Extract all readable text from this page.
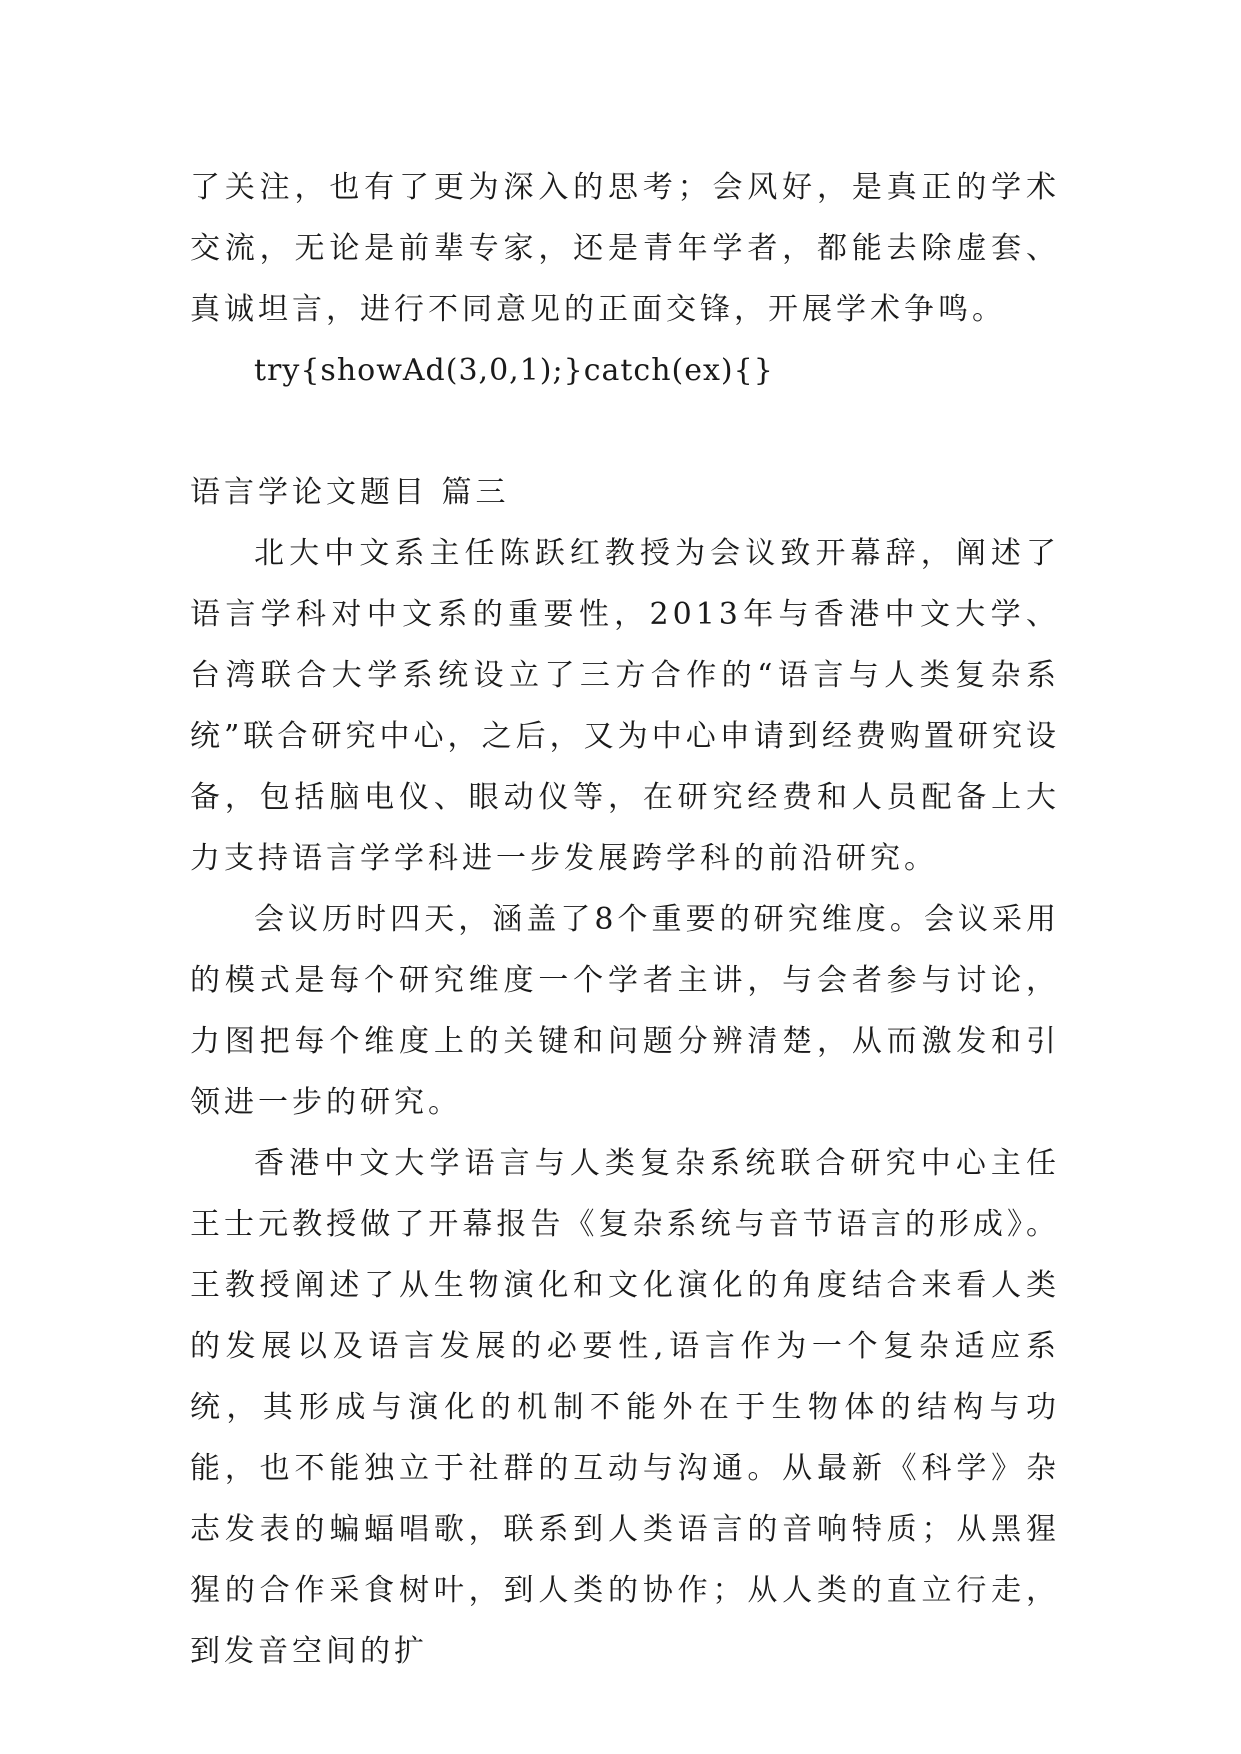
了关注，也有了更为深入的思考；会风好，是真正的学术交流，无论是前辈专家，还是青年学者，都能去除虚套、真诚坦言，进行不同意见的正面交锋，开展学术争鸣。

try{showAd(3,0,1);}catch(ex){}

语言学论文题目 篇三

北大中文系主任陈跃红教授为会议致开幕辞，阐述了语言学科对中文系的重要性，2013年与香港中文大学、台湾联合大学系统设立了三方合作的“语言与人类复杂系统”联合研究中心，之后，又为中心申请到经费购置研究设备，包括脑电仪、眼动仪等，在研究经费和人员配备上大力支持语言学学科进一步发展跨学科的前沿研究。

会议历时四天，涵盖了8个重要的研究维度。会议采用的模式是每个研究维度一个学者主讲，与会者参与讨论，力图把每个维度上的关键和问题分辨清楚，从而激发和引领进一步的研究。

香港中文大学语言与人类复杂系统联合研究中心主任王士元教授做了开幕报告《复杂系统与音节语言的形成》。王教授阐述了从生物演化和文化演化的角度结合来看人类的发展以及语言发展的必要性,语言作为一个复杂适应系统，其形成与演化的机制不能外在于生物体的结构与功能，也不能独立于社群的互动与沟通。从最新《科学》杂志发表的蝙蝠唱歌，联系到人类语言的音响特质；从黑猩猩的合作采食树叶，到人类的协作；从人类的直立行走，到发音空间的扩
